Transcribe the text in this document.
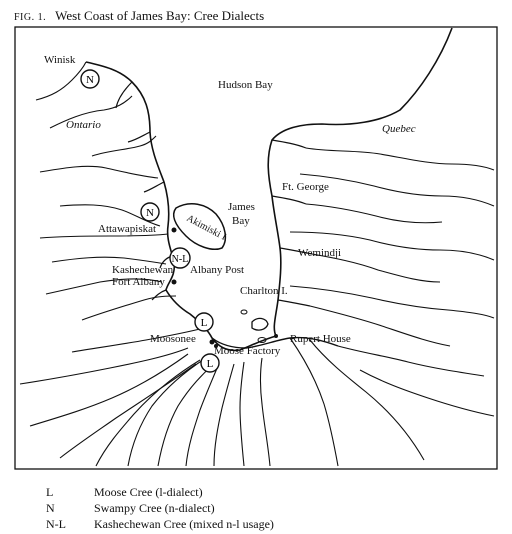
FIG. 1. West Coast of James Bay: Cree Dialects
N
N
N-L
L
L
Winisk
Ontario
Hudson Bay
Quebec
Ft. George
James
Bay
Akimiski I.
Attawapiskat
Wemindji
Kashechewan
Fort Albany
Albany Post
Charlton I.
Rupert House
Moosonee
Moose Factory
L	Moose Cree (l-dialect)
N	Swampy Cree (n-dialect)
N-L	Kashechewan Cree (mixed n-l usage)
